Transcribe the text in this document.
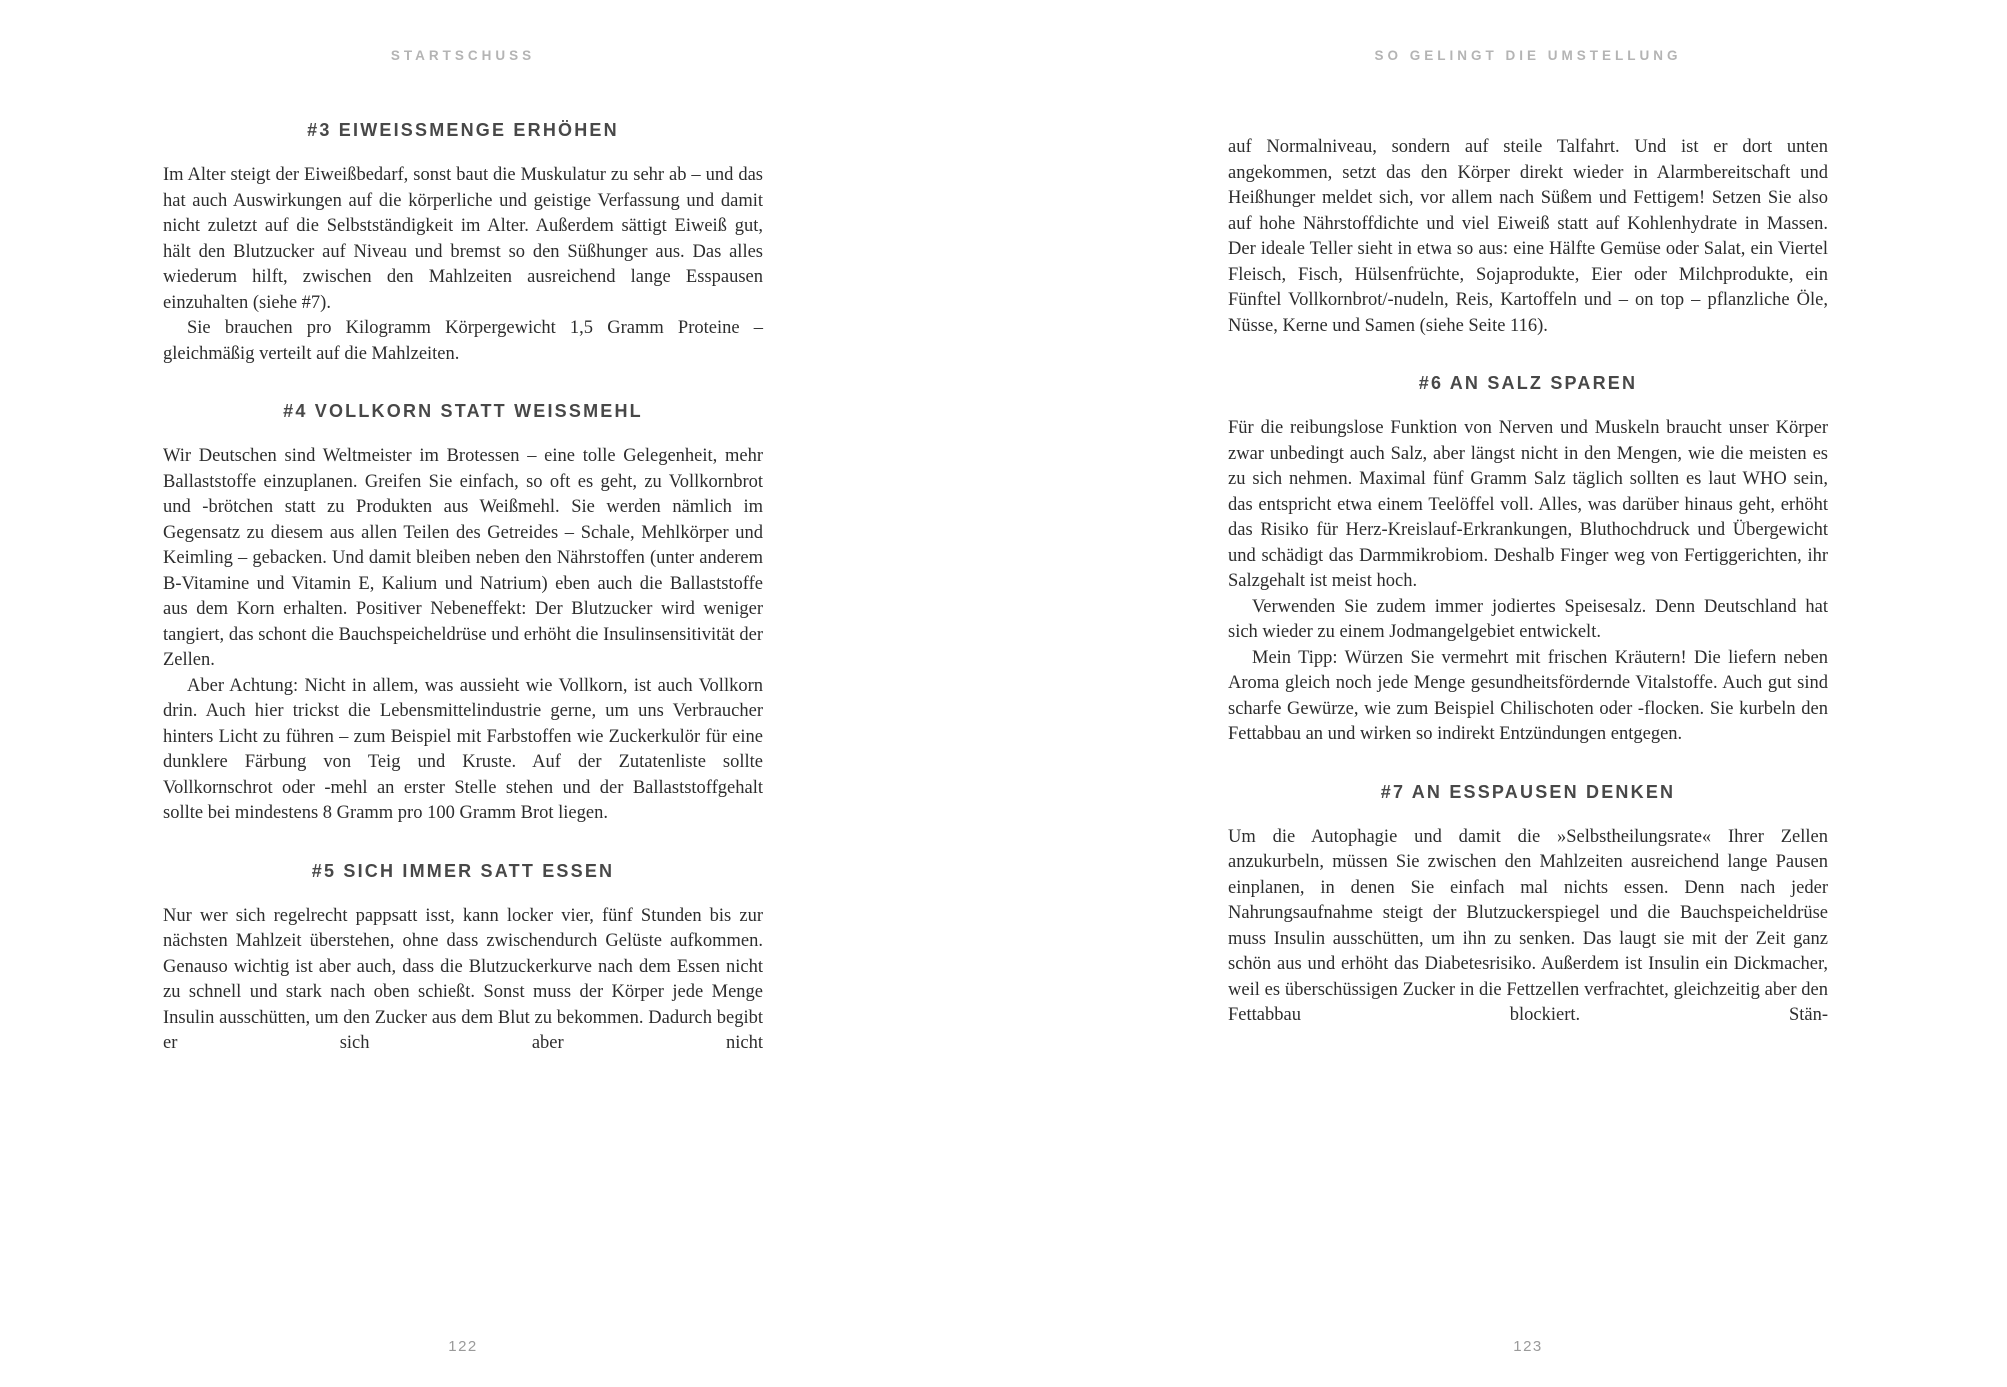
STARTSCHUSS
#3 EIWEISSMENGE ERHÖHEN

Im Alter steigt der Eiweißbedarf, sonst baut die Muskulatur zu sehr ab – und das hat auch Auswirkungen auf die körperliche und geistige Verfassung und damit nicht zuletzt auf die Selbstständigkeit im Alter. Außerdem sättigt Eiweiß gut, hält den Blutzucker auf Niveau und bremst so den Süßhunger aus. Das alles wiederum hilft, zwischen den Mahlzeiten ausreichend lange Esspausen einzuhalten (siehe #7).

Sie brauchen pro Kilogramm Körpergewicht 1,5 Gramm Proteine – gleichmäßig verteilt auf die Mahlzeiten.

#4 VOLLKORN STATT WEISSMEHL

Wir Deutschen sind Weltmeister im Brotessen – eine tolle Gelegenheit, mehr Ballaststoffe einzuplanen. Greifen Sie einfach, so oft es geht, zu Vollkornbrot und -brötchen statt zu Produkten aus Weißmehl. Sie werden nämlich im Gegensatz zu diesem aus allen Teilen des Getreides – Schale, Mehlkörper und Keimling – gebacken. Und damit bleiben neben den Nährstoffen (unter anderem B-Vitamine und Vitamin E, Kalium und Natrium) eben auch die Ballaststoffe aus dem Korn erhalten. Positiver Nebeneffekt: Der Blutzucker wird weniger tangiert, das schont die Bauchspeicheldrüse und erhöht die Insulinsensitivität der Zellen.

Aber Achtung: Nicht in allem, was aussieht wie Vollkorn, ist auch Vollkorn drin. Auch hier trickst die Lebensmittelindustrie gerne, um uns Verbraucher hinters Licht zu führen – zum Beispiel mit Farbstoffen wie Zuckerkulör für eine dunklere Färbung von Teig und Kruste. Auf der Zutatenliste sollte Vollkornschrot oder -mehl an erster Stelle stehen und der Ballaststoffgehalt sollte bei mindestens 8 Gramm pro 100 Gramm Brot liegen.

#5 SICH IMMER SATT ESSEN

Nur wer sich regelrecht pappsatt isst, kann locker vier, fünf Stunden bis zur nächsten Mahlzeit überstehen, ohne dass zwischendurch Gelüste aufkommen. Genauso wichtig ist aber auch, dass die Blutzuckerkurve nach dem Essen nicht zu schnell und stark nach oben schießt. Sonst muss der Körper jede Menge Insulin ausschütten, um den Zucker aus dem Blut zu bekommen. Dadurch begibt er sich aber nicht

122
SO GELINGT DIE UMSTELLUNG

auf Normalniveau, sondern auf steile Talfahrt. Und ist er dort unten angekommen, setzt das den Körper direkt wieder in Alarmbereitschaft und Heißhunger meldet sich, vor allem nach Süßem und Fettigem! Setzen Sie also auf hohe Nährstoffdichte und viel Eiweiß statt auf Kohlenhydrate in Massen. Der ideale Teller sieht in etwa so aus: eine Hälfte Gemüse oder Salat, ein Viertel Fleisch, Fisch, Hülsenfrüchte, Sojaprodukte, Eier oder Milchprodukte, ein Fünftel Vollkornbrot/-nudeln, Reis, Kartoffeln und – on top – pflanzliche Öle, Nüsse, Kerne und Samen (siehe Seite 116).

#6 AN SALZ SPAREN

Für die reibungslose Funktion von Nerven und Muskeln braucht unser Körper zwar unbedingt auch Salz, aber längst nicht in den Mengen, wie die meisten es zu sich nehmen. Maximal fünf Gramm Salz täglich sollten es laut WHO sein, das entspricht etwa einem Teelöffel voll. Alles, was darüber hinaus geht, erhöht das Risiko für Herz-Kreislauf-Erkrankungen, Bluthochdruck und Übergewicht und schädigt das Darmmikrobiom. Deshalb Finger weg von Fertiggerichten, ihr Salzgehalt ist meist hoch.

Verwenden Sie zudem immer jodiertes Speisesalz. Denn Deutschland hat sich wieder zu einem Jodmangelgebiet entwickelt.

Mein Tipp: Würzen Sie vermehrt mit frischen Kräutern! Die liefern neben Aroma gleich noch jede Menge gesundheitsfördernde Vitalstoffe. Auch gut sind scharfe Gewürze, wie zum Beispiel Chilischoten oder -flocken. Sie kurbeln den Fettabbau an und wirken so indirekt Entzündungen entgegen.

#7 AN ESSPAUSEN DENKEN

Um die Autophagie und damit die »Selbstheilungsrate« Ihrer Zellen anzukurbeln, müssen Sie zwischen den Mahlzeiten ausreichend lange Pausen einplanen, in denen Sie einfach mal nichts essen. Denn nach jeder Nahrungsaufnahme steigt der Blutzuckerspiegel und die Bauchspeicheldrüse muss Insulin ausschütten, um ihn zu senken. Das laugt sie mit der Zeit ganz schön aus und erhöht das Diabetesrisiko. Außerdem ist Insulin ein Dickmacher, weil es überschüssigen Zucker in die Fettzellen verfrachtet, gleichzeitig aber den Fettabbau blockiert. Stän-

123
